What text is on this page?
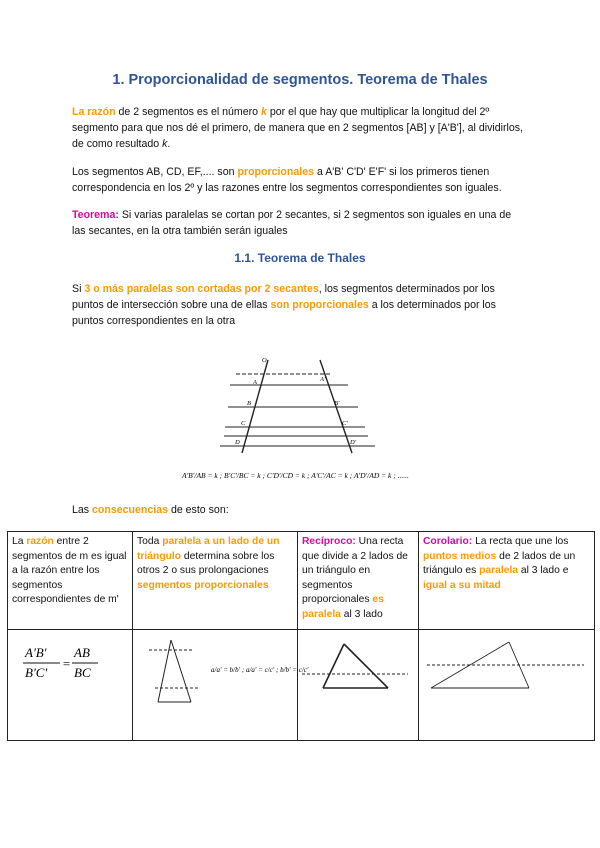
1. Proporcionalidad de segmentos. Teorema de Thales
La razón de 2 segmentos es el número k por el que hay que multiplicar la longitud del 2º segmento para que nos dé el primero, de manera que en 2 segmentos [AB] y [A'B'], al dividirlos, de como resultado k.
Los segmentos AB, CD, EF,.... son proporcionales a A'B' C'D' E'F' si los primeros tienen correspondencia en los 2º y las razones entre los segmentos correspondientes son iguales.
Teorema: Si varias paralelas se cortan por 2 secantes, si 2 segmentos son iguales en una de las secantes, en la otra también serán iguales
1.1. Teorema de Thales
Si 3 o más paralelas son cortadas por 2 secantes, los segmentos determinados por los puntos de intersección sobre una de ellas son proporcionales a los determinados por los puntos correspondientes en la otra
O
A	A'
B	B'
C	C'
D	D'
A'B'/AB = k ; B'C'/BC = k ; C'D'/CD = k ; A'C'/AC = k ; A'D'/AD = k ; ......
Las consecuencias de esto son:
La razón entre 2 segmentos de m es igual a la razón entre los segmentos correspondientes de m'	Toda paralela a un lado de un triángulo determina sobre los otros 2 o sus prolongaciones segmentos proporcionales	Recíproco: Una recta que divide a 2 lados de un triángulo en segmentos proporcionales es paralela al 3 lado	Corolario: La recta que une los puntos medios de 2 lados de un triángulo es paralela al 3 lado e igual a su mitad

A'B'
B'C'
=
AB
BC	a/a' = b/b' ; a/a' = c/c' ; b/b' = c/c'
